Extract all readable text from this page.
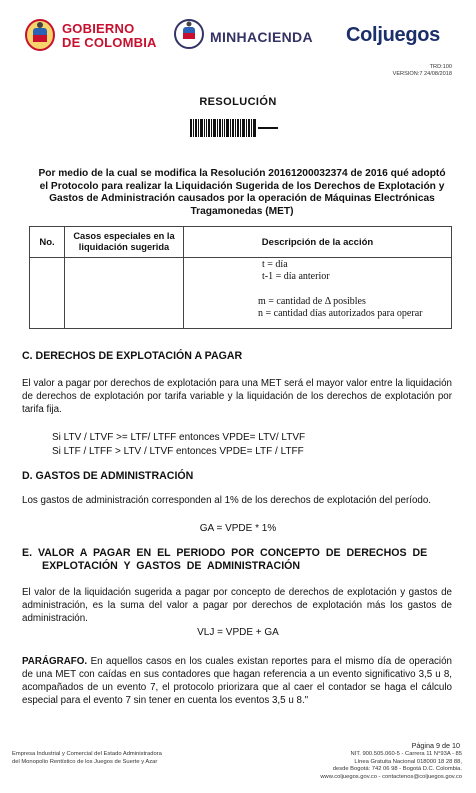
GOBIERNO
DE COLOMBIA	MINHACIENDA Coljuegos
TRD:100
VERSION:7 24/08/2018
RESOLUCIÓN
Por medio de la cual se modifica la Resolución 20161200032374 de 2016 qué adoptó el Protocolo para realizar la Liquidación Sugerida de los Derechos de Explotación y Gastos de Administración causados por la operación de Máquinas Electrónicas Tragamonedas (MET)
No.	Casos especiales en la liquidación sugerida	Descripción de la acción

		t = día
t-1 = día anterior
m = cantidad de Δ posibles
n = cantidad días autorizados para operar
C. DERECHOS DE EXPLOTACIÓN A PAGAR
El valor a pagar por derechos de explotación para una MET será el mayor valor entre la liquidación de derechos de explotación por tarifa variable y la liquidación de los derechos de explotación por tarifa fija.
Si LTV / LTVF >= LTF/ LTFF entonces VPDE= LTV/ LTVF
Si LTF / LTFF > LTV / LTVF entonces VPDE= LTF / LTFF
D. GASTOS DE ADMINISTRACIÓN
Los gastos de administración corresponden al 1% de los derechos de explotación del período.
GA = VPDE * 1%
E. VALOR A PAGAR EN EL PERIODO POR CONCEPTO DE DERECHOS DE
EXPLOTACIÓN Y GASTOS DE ADMINISTRACIÓN
El valor de la liquidación sugerida a pagar por concepto de derechos de explotación y gastos de administración, es la suma del valor a pagar por derechos de explotación más los gastos de administración.
VLJ = VPDE + GA
PARÁGRAFO. En aquellos casos en los cuales existan reportes para el mismo día de operación de una MET con caídas en sus contadores que hagan referencia a un evento significativo 3,5 u 8, acompañados de un evento 7, el protocolo priorizara que al caer el contador se haga el cálculo especial para el evento 7 sin tener en cuenta los eventos 3,5 u 8."
Página 9 de 10
Empresa Industrial y Comercial del Estado Administradora
del Monopolio Rentístico de los Juegos de Suerte y Azar
NIT. 900.505.060-5 - Carrera 11 N°93A - 85
Línea Gratuita Nacional 018000 18 28 88,
desde Bogotá: 742 06 98 - Bogotá D.C. Colombia.
www.coljuegos.gov.co - contactenos@coljuegos.gov.co
